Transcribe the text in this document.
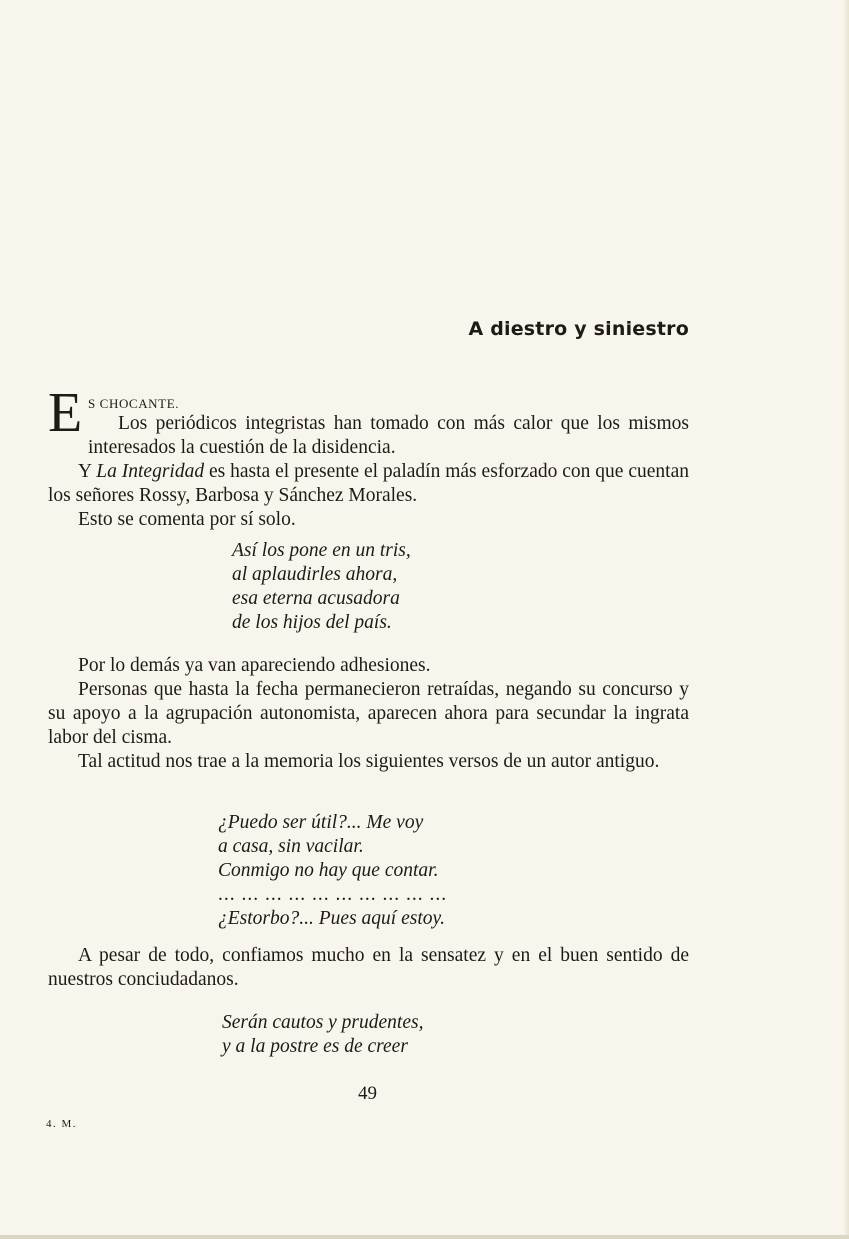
A diestro y siniestro
E S CHOCANTE.

Los periódicos integristas han tomado con más calor que los mismos interesados la cuestión de la disidencia.

Y La Integridad es hasta el presente el paladín más esforzado con que cuentan los señores Rossy, Barbosa y Sánchez Morales.

Esto se comenta por sí solo.

Así los pone en un tris,
al aplaudirles ahora,
esa eterna acusadora
de los hijos del país.

Por lo demás ya van apareciendo adhesiones.

Personas que hasta la fecha permanecieron retraídas, negando su concurso y su apoyo a la agrupación autonomista, aparecen ahora para secundar la ingrata labor del cisma.

Tal actitud nos trae a la memoria los siguientes versos de un autor antiguo.

¿Puedo ser útil?... Me voy
a casa, sin vacilar.
Conmigo no hay que contar.
... ... ... ... ... ... ... ... ... ...
¿Estorbo?... Pues aquí estoy.

A pesar de todo, confiamos mucho en la sensatez y en el buen sentido de nuestros conciudadanos.

Serán cautos y prudentes,
y a la postre es de creer
49
4. M.
